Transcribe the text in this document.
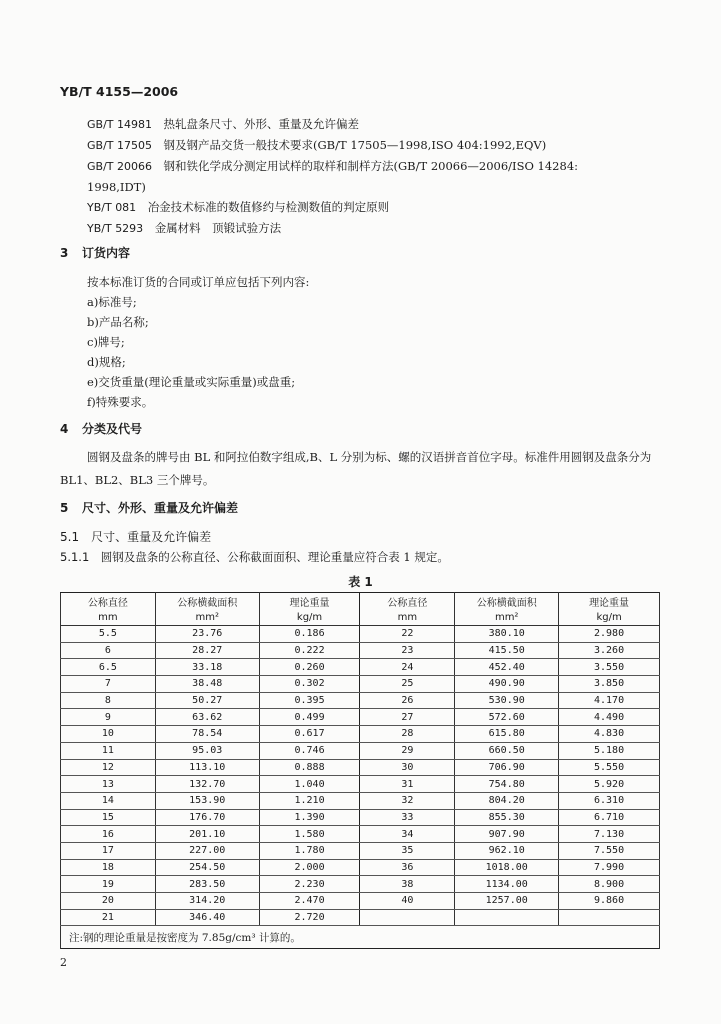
YB/T 4155—2006
GB/T 14981　 热轧盘条尺寸、外形、重量及允许偏差
GB/T 17505　 钢及钢产品交货一般技术要求(GB/T 17505—1998,ISO 404:1992,EQV)
GB/T 20066　 钢和铁化学成分测定用试样的取样和制样方法(GB/T 20066—2006/ISO 14284:
1998,IDT)
YB/T 081　 冶金技术标准的数值修约与检测数值的判定原则
YB/T 5293　 金属材料　顶锻试验方法
3 订货内容
按本标准订货的合同或订单应包括下列内容:
a)标准号;
b)产品名称;
c)牌号;
d)规格;
e)交货重量(理论重量或实际重量)或盘重;
f)特殊要求。
4 分类及代号
圆钢及盘条的牌号由 BL 和阿拉伯数字组成,B、L 分别为标、螺的汉语拼音首位字母。标准件用圆钢及盘条分为 BL1、BL2、BL3 三个牌号。
5 尺寸、外形、重量及允许偏差
5.1　 尺寸、重量及允许偏差
5.1.1　 圆钢及盘条的公称直径、公称截面面积、理论重量应符合表 1 规定。
表 1
公称直径	公称横截面积	理论重量	公称直径	公称横截面积	理论重量
mm	mm²	kg/m	mm	mm²	kg/m
5.5	23.76	0.186	22	380.10	2.980
6	28.27	0.222	23	415.50	3.260
6.5	33.18	0.260	24	452.40	3.550
7	38.48	0.302	25	490.90	3.850
8	50.27	0.395	26	530.90	4.170
9	63.62	0.499	27	572.60	4.490
10	78.54	0.617	28	615.80	4.830
11	95.03	0.746	29	660.50	5.180
12	113.10	0.888	30	706.90	5.550
13	132.70	1.040	31	754.80	5.920
14	153.90	1.210	32	804.20	6.310
15	176.70	1.390	33	855.30	6.710
16	201.10	1.580	34	907.90	7.130
17	227.00	1.780	35	962.10	7.550
18	254.50	2.000	36	1018.00	7.990
19	283.50	2.230	38	1134.00	8.900
20	314.20	2.470	40	1257.00	9.860
21	346.40	2.720			
注:钢的理论重量是按密度为 7.85g/cm³ 计算的。					
2
